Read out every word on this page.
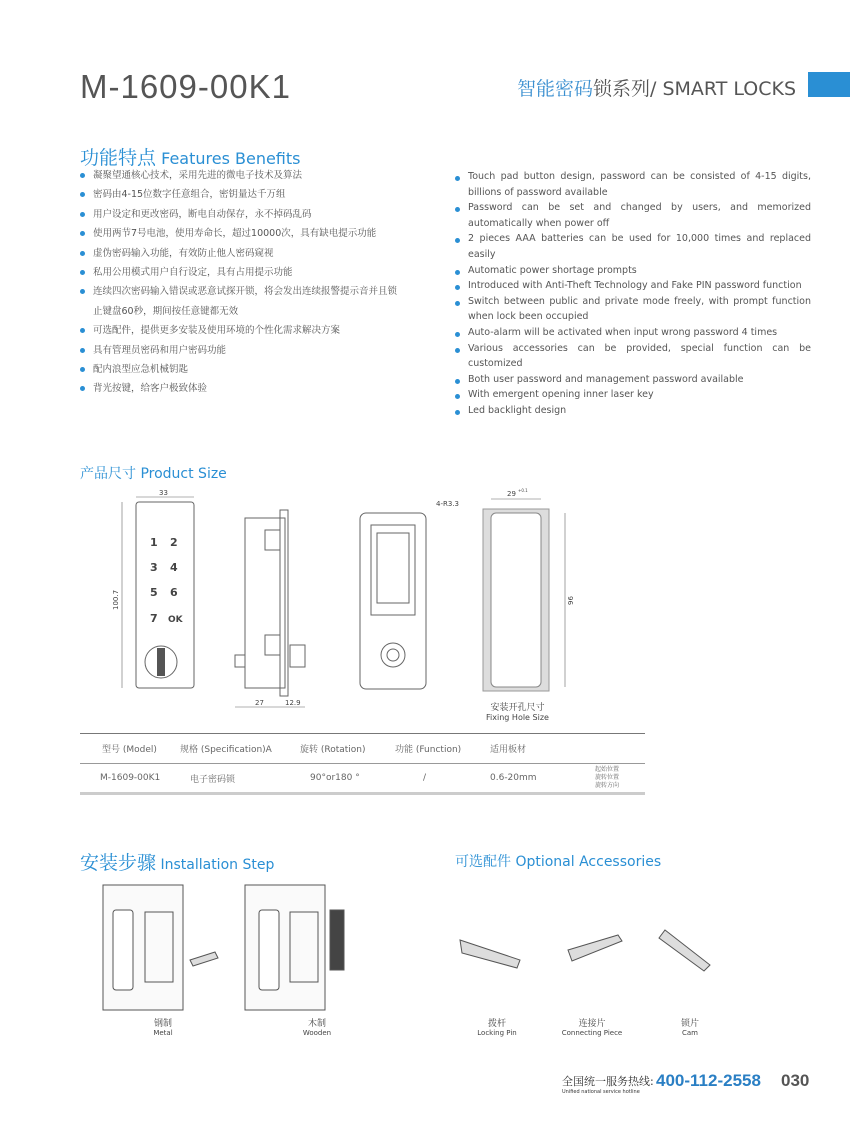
M-1609-00K1	智能密码锁系列/ SMART LOCKS
功能特点 Features Benefits
凝聚望通核心技术，采用先进的微电子技术及算法
密码由4-15位数字任意组合，密钥量达千万组
用户设定和更改密码，断电自动保存，永不掉码乱码
使用两节7号电池，使用寿命长，超过10000次，具有缺电提示功能
虚伪密码输入功能，有效防止他人密码窥视
私用公用模式用户自行设定，具有占用提示功能
连续四次密码输入错误或恶意试探开锁，将会发出连续报警提示音并且锁止键盘60秒，期间按任意键都无效
可选配件，提供更多安装及使用环境的个性化需求解决方案
具有管理员密码和用户密码功能
配内浪型应急机械钥匙
背光按键，给客户极致体验
Touch pad button design, password can be consisted of 4-15 digits, billions of password available
Password can be set and changed by users, and memorized automatically when power off
2 pieces AAA batteries can be used for 10,000 times and replaced easily
Automatic power shortage prompts
Introduced with Anti-Theft Technology and Fake PIN password function
Switch between public and private mode freely, with prompt function when lock been occupied
Auto-alarm will be activated when input wrong password 4 times
Various accessories can be provided, special function can be customized
Both user password and management password available
With emergent opening inner laser key
Led backlight design
产品尺寸 Product Size
33
100.7
1 2
3 4
5 6
7 OK
27	12.9
4-R3.3
29 +0.1
96
安装开孔尺寸
Fixing Hole Size
型号 (Model)	规格 (Specification)A	旋转 (Rotation)	功能 (Function)	适用板材	
M-1609-00K1	电子密码锁	90°or180 °	/	0.6-20mm	起始位置
旋转位置
旋转方向
安装步骤 Installation Step	可选配件 Optional Accessories
钢制
Metal
木制
Wooden
拨杆
Locking Pin
连接片
Connecting Piece
锁片
Cam
全国统一服务热线:
Unified national service hotline
400-112-2558 030
